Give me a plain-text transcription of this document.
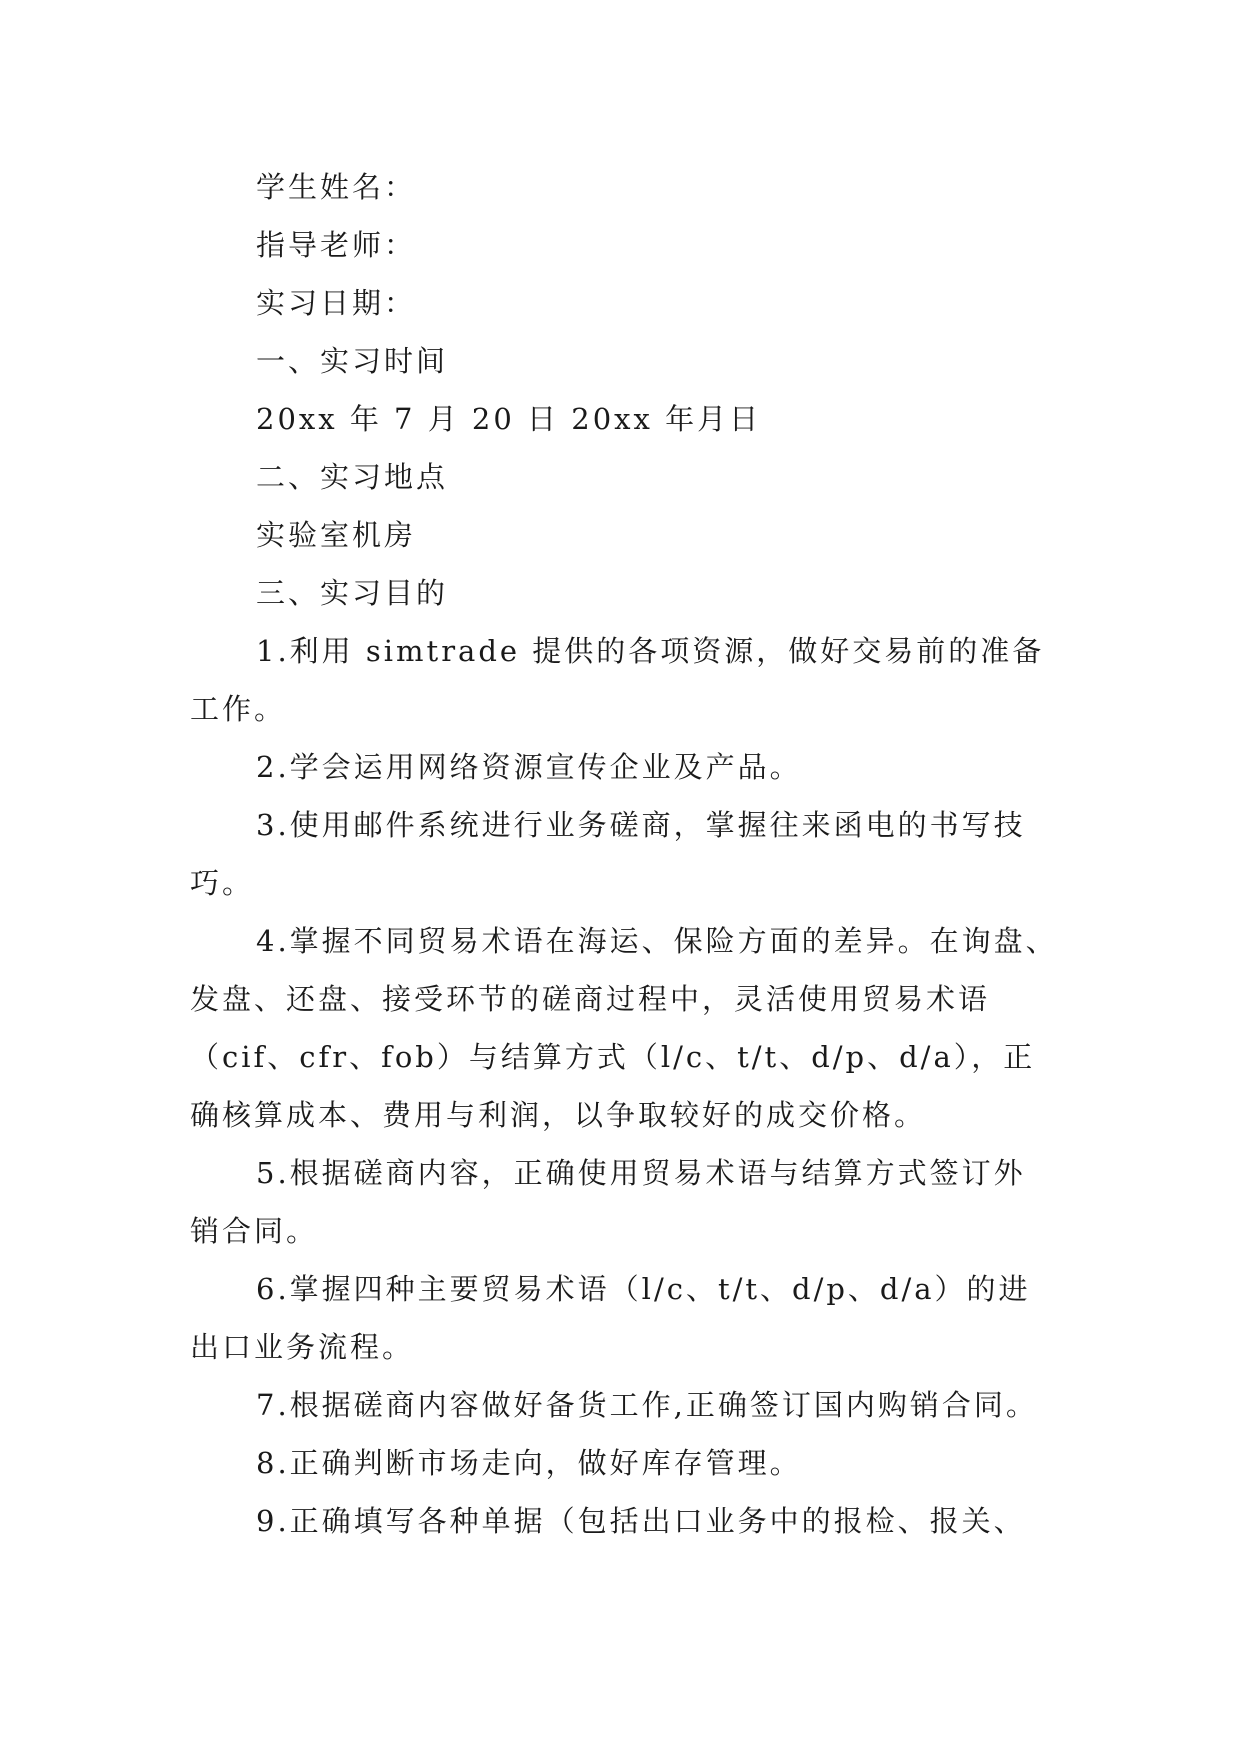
学生姓名：
指导老师：
实习日期：
一、实习时间
20xx 年 7 月 20 日 20xx 年月日
二、实习地点
实验室机房
三、实习目的
1.利用 simtrade 提供的各项资源，做好交易前的准备
工作。
2.学会运用网络资源宣传企业及产品。
3.使用邮件系统进行业务磋商，掌握往来函电的书写技
巧。
4.掌握不同贸易术语在海运、保险方面的差异。在询盘、
发盘、还盘、接受环节的磋商过程中，灵活使用贸易术语
（cif、cfr、fob）与结算方式（l/c、t/t、d/p、d/a），正
确核算成本、费用与利润，以争取较好的成交价格。
5.根据磋商内容，正确使用贸易术语与结算方式签订外
销合同。
6.掌握四种主要贸易术语（l/c、t/t、d/p、d/a）的进
出口业务流程。
7.根据磋商内容做好备货工作,正确签订国内购销合同。
8.正确判断市场走向，做好库存管理。
9.正确填写各种单据（包括出口业务中的报检、报关、
